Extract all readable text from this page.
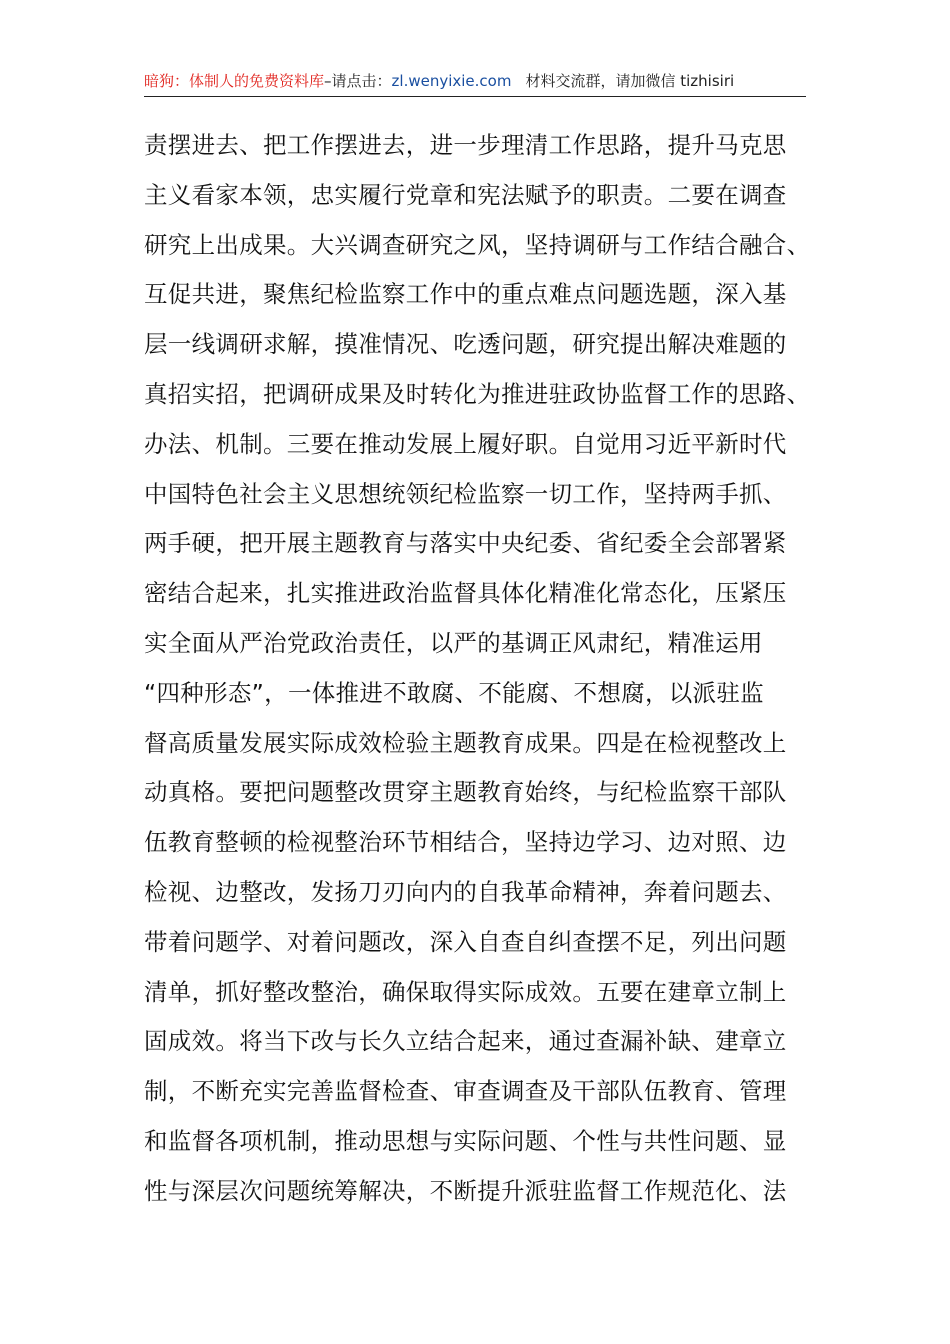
暗狗：体制人的免费资料库–请点击：zl.wenyixie.com 材料交流群，请加微信 tizhisiri
责摆进去、把工作摆进去，进一步理清工作思路，提升马克思
主义看家本领，忠实履行党章和宪法赋予的职责。二要在调查
研究上出成果。大兴调查研究之风，坚持调研与工作结合融合、
互促共进，聚焦纪检监察工作中的重点难点问题选题，深入基
层一线调研求解，摸准情况、吃透问题，研究提出解决难题的
真招实招，把调研成果及时转化为推进驻政协监督工作的思路、
办法、机制。三要在推动发展上履好职。自觉用习近平新时代
中国特色社会主义思想统领纪检监察一切工作，坚持两手抓、
两手硬，把开展主题教育与落实中央纪委、省纪委全会部署紧
密结合起来，扎实推进政治监督具体化精准化常态化，压紧压
实全面从严治党政治责任，以严的基调正风肃纪，精准运用
“四种形态”，一体推进不敢腐、不能腐、不想腐，以派驻监
督高质量发展实际成效检验主题教育成果。四是在检视整改上
动真格。要把问题整改贯穿主题教育始终，与纪检监察干部队
伍教育整顿的检视整治环节相结合，坚持边学习、边对照、边
检视、边整改，发扬刀刃向内的自我革命精神，奔着问题去、
带着问题学、对着问题改，深入自查自纠查摆不足，列出问题
清单，抓好整改整治，确保取得实际成效。五要在建章立制上
固成效。将当下改与长久立结合起来，通过查漏补缺、建章立
制，不断充实完善监督检查、审查调查及干部队伍教育、管理
和监督各项机制，推动思想与实际问题、个性与共性问题、显
性与深层次问题统筹解决，不断提升派驻监督工作规范化、法
